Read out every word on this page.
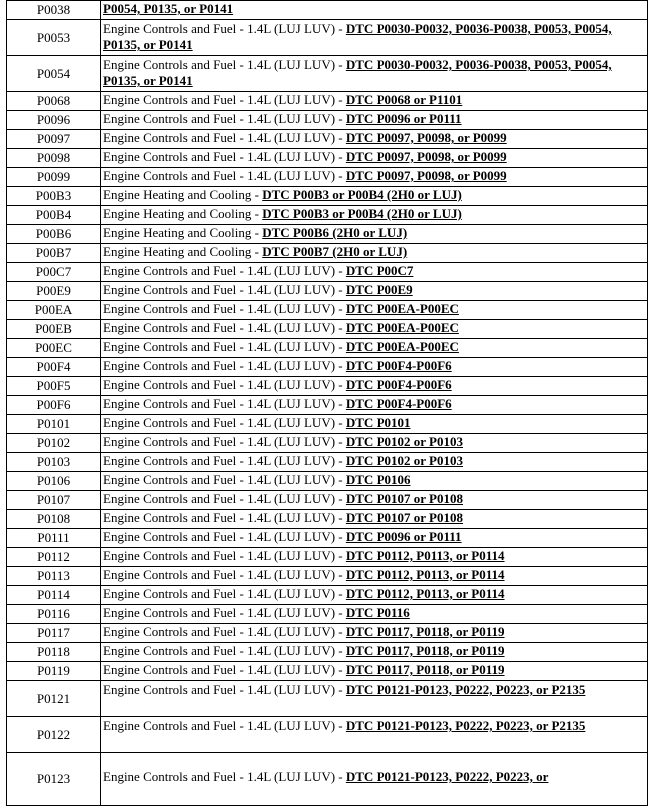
P0038	P0054, P0135, or P0141
P0053	Engine Controls and Fuel - 1.4L (LUJ LUV) - DTC P0030-P0032, P0036-P0038, P0053, P0054, P0135, or P0141
P0054	Engine Controls and Fuel - 1.4L (LUJ LUV) - DTC P0030-P0032, P0036-P0038, P0053, P0054, P0135, or P0141
P0068	Engine Controls and Fuel - 1.4L (LUJ LUV) - DTC P0068 or P1101
P0096	Engine Controls and Fuel - 1.4L (LUJ LUV) - DTC P0096 or P0111
P0097	Engine Controls and Fuel - 1.4L (LUJ LUV) - DTC P0097, P0098, or P0099
P0098	Engine Controls and Fuel - 1.4L (LUJ LUV) - DTC P0097, P0098, or P0099
P0099	Engine Controls and Fuel - 1.4L (LUJ LUV) - DTC P0097, P0098, or P0099
P00B3	Engine Heating and Cooling - DTC P00B3 or P00B4 (2H0 or LUJ)
P00B4	Engine Heating and Cooling - DTC P00B3 or P00B4 (2H0 or LUJ)
P00B6	Engine Heating and Cooling - DTC P00B6 (2H0 or LUJ)
P00B7	Engine Heating and Cooling - DTC P00B7 (2H0 or LUJ)
P00C7	Engine Controls and Fuel - 1.4L (LUJ LUV) - DTC P00C7
P00E9	Engine Controls and Fuel - 1.4L (LUJ LUV) - DTC P00E9
P00EA	Engine Controls and Fuel - 1.4L (LUJ LUV) - DTC P00EA-P00EC
P00EB	Engine Controls and Fuel - 1.4L (LUJ LUV) - DTC P00EA-P00EC
P00EC	Engine Controls and Fuel - 1.4L (LUJ LUV) - DTC P00EA-P00EC
P00F4	Engine Controls and Fuel - 1.4L (LUJ LUV) - DTC P00F4-P00F6
P00F5	Engine Controls and Fuel - 1.4L (LUJ LUV) - DTC P00F4-P00F6
P00F6	Engine Controls and Fuel - 1.4L (LUJ LUV) - DTC P00F4-P00F6
P0101	Engine Controls and Fuel - 1.4L (LUJ LUV) - DTC P0101
P0102	Engine Controls and Fuel - 1.4L (LUJ LUV) - DTC P0102 or P0103
P0103	Engine Controls and Fuel - 1.4L (LUJ LUV) - DTC P0102 or P0103
P0106	Engine Controls and Fuel - 1.4L (LUJ LUV) - DTC P0106
P0107	Engine Controls and Fuel - 1.4L (LUJ LUV) - DTC P0107 or P0108
P0108	Engine Controls and Fuel - 1.4L (LUJ LUV) - DTC P0107 or P0108
P0111	Engine Controls and Fuel - 1.4L (LUJ LUV) - DTC P0096 or P0111
P0112	Engine Controls and Fuel - 1.4L (LUJ LUV) - DTC P0112, P0113, or P0114
P0113	Engine Controls and Fuel - 1.4L (LUJ LUV) - DTC P0112, P0113, or P0114
P0114	Engine Controls and Fuel - 1.4L (LUJ LUV) - DTC P0112, P0113, or P0114
P0116	Engine Controls and Fuel - 1.4L (LUJ LUV) - DTC P0116
P0117	Engine Controls and Fuel - 1.4L (LUJ LUV) - DTC P0117, P0118, or P0119
P0118	Engine Controls and Fuel - 1.4L (LUJ LUV) - DTC P0117, P0118, or P0119
P0119	Engine Controls and Fuel - 1.4L (LUJ LUV) - DTC P0117, P0118, or P0119
P0121	Engine Controls and Fuel - 1.4L (LUJ LUV) - DTC P0121-P0123, P0222, P0223, or P2135
P0122	Engine Controls and Fuel - 1.4L (LUJ LUV) - DTC P0121-P0123, P0222, P0223, or P2135
P0123	Engine Controls and Fuel - 1.4L (LUJ LUV) - DTC P0121-P0123, P0222, P0223, or
